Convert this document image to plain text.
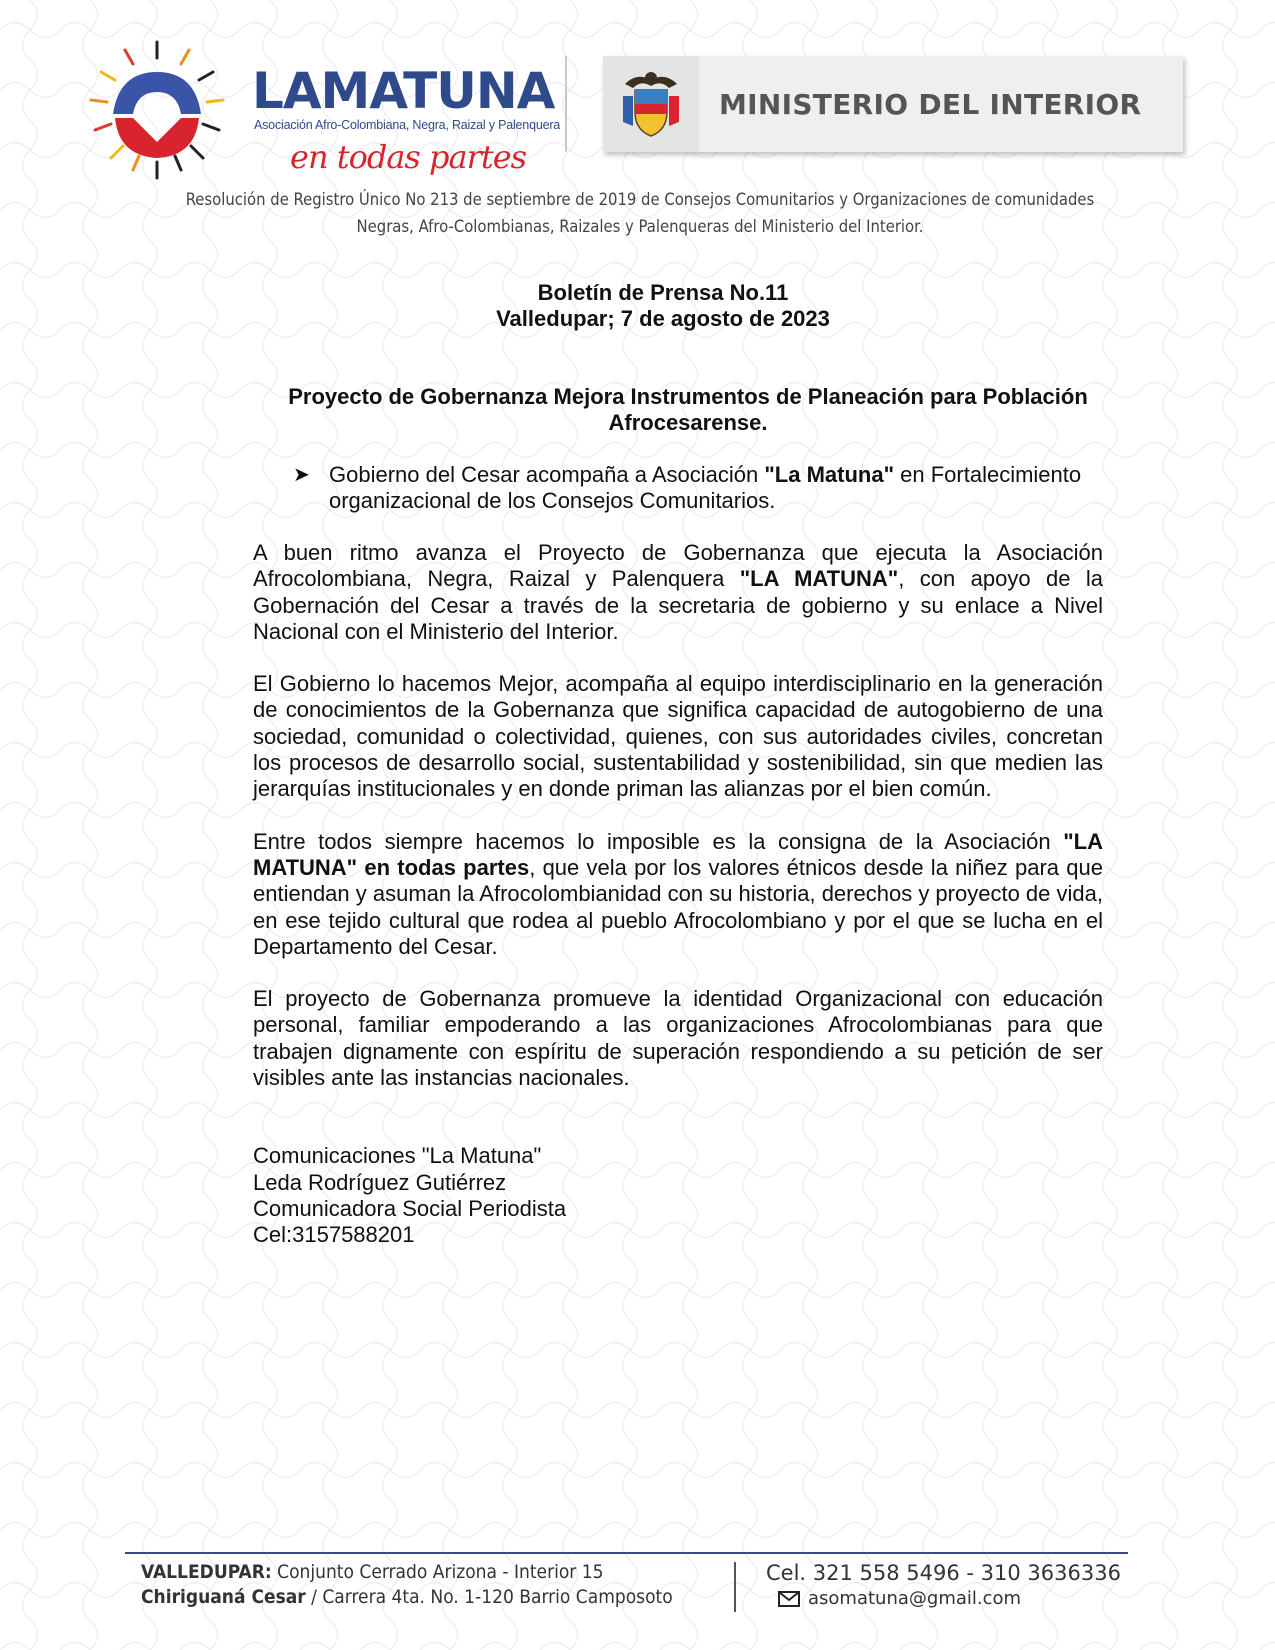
LAMATUNA
Asociación Afro-Colombiana, Negra, Raizal y Palenquera
en todas partes
MINISTERIO DEL INTERIOR
Resolución de Registro Único No 213 de septiembre de 2019 de Consejos Comunitarios y Organizaciones de comunidades
Negras, Afro-Colombianas, Raizales y Palenqueras del Ministerio del Interior.
Boletín de Prensa No.11
Valledupar; 7 de agosto de 2023
Proyecto de Gobernanza Mejora Instrumentos de Planeación para Población
Afrocesarense.
➤ Gobierno del Cesar acompaña a Asociación "La Matuna" en Fortalecimiento organizacional de los Consejos Comunitarios.

A buen ritmo avanza el Proyecto de Gobernanza que ejecuta la Asociación Afrocolombiana, Negra, Raizal y Palenquera "LA MATUNA", con apoyo de la Gobernación del Cesar a través de la secretaria de gobierno y su enlace a Nivel Nacional con el Ministerio del Interior.

El Gobierno lo hacemos Mejor, acompaña al equipo interdisciplinario en la generación de conocimientos de la Gobernanza que significa capacidad de autogobierno de una sociedad, comunidad o colectividad, quienes, con sus autoridades civiles, concretan los procesos de desarrollo social, sustentabilidad y sostenibilidad, sin que medien las jerarquías institucionales y en donde priman las alianzas por el bien común.

Entre todos siempre hacemos lo imposible es la consigna de la Asociación "LA MATUNA" en todas partes, que vela por los valores étnicos desde la niñez para que entiendan y asuman la Afrocolombianidad con su historia, derechos y proyecto de vida, en ese tejido cultural que rodea al pueblo Afrocolombiano y por el que se lucha en el Departamento del Cesar.

El proyecto de Gobernanza promueve la identidad Organizacional con educación personal, familiar empoderando a las organizaciones Afrocolombianas para que trabajen dignamente con espíritu de superación respondiendo a su petición de ser visibles ante las instancias nacionales.

Comunicaciones "La Matuna"
Leda Rodríguez Gutiérrez
Comunicadora Social Periodista
Cel:3157588201
VALLEDUPAR: Conjunto Cerrado Arizona - Interior 15
Chiriguaná Cesar / Carrera 4ta. No. 1-120 Barrio Camposoto
Cel. 321 558 5496 - 310 3636336
asomatuna@gmail.com
